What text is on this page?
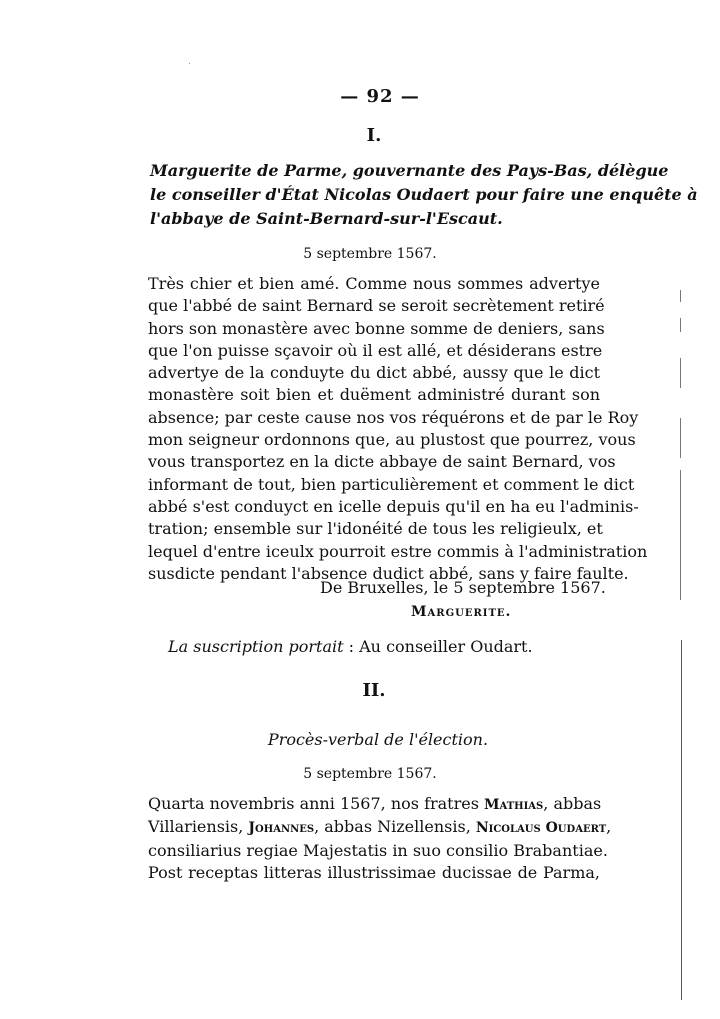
— 92 —
I.
Marguerite de Parme, gouvernante des Pays-Bas, délègue
le conseiller d'État Nicolas Oudaert pour faire une enquête à
l'abbaye de Saint-Bernard-sur-l'Escaut.
5 septembre 1567.
Très chier et bien amé. Comme nous sommes advertye
que l'abbé de saint Bernard se seroit secrètement retiré
hors son monastère avec bonne somme de deniers, sans
que l'on puisse sçavoir où il est allé, et désiderans estre
advertye de la conduyte du dict abbé, aussy que le dict
monastère soit bien et duëment administré durant son
absence; par ceste cause nos vos réquérons et de par le Roy
mon seigneur ordonnons que, au plustost que pourrez, vous
vous transportez en la dicte abbaye de saint Bernard, vos
informant de tout, bien particulièrement et comment le dict
abbé s'est conduyct en icelle depuis qu'il en ha eu l'adminis-
tration; ensemble sur l'idonéité de tous les religieulx, et
lequel d'entre iceulx pourroit estre commis à l'administration
susdicte pendant l'absence dudict abbé, sans y faire faulte.
De Bruxelles, le 5 septembre 1567.
Marguerite.
La suscription portait : Au conseiller Oudart.
II.
Procès-verbal de l'élection.
5 septembre 1567.
Quarta novembris anni 1567, nos fratres Mathias, abbas
Villariensis, Johannes, abbas Nizellensis, Nicolaus Oudaert,
consiliarius regiae Majestatis in suo consilio Brabantiae.
Post receptas litteras illustrissimae ducissae de Parma,
